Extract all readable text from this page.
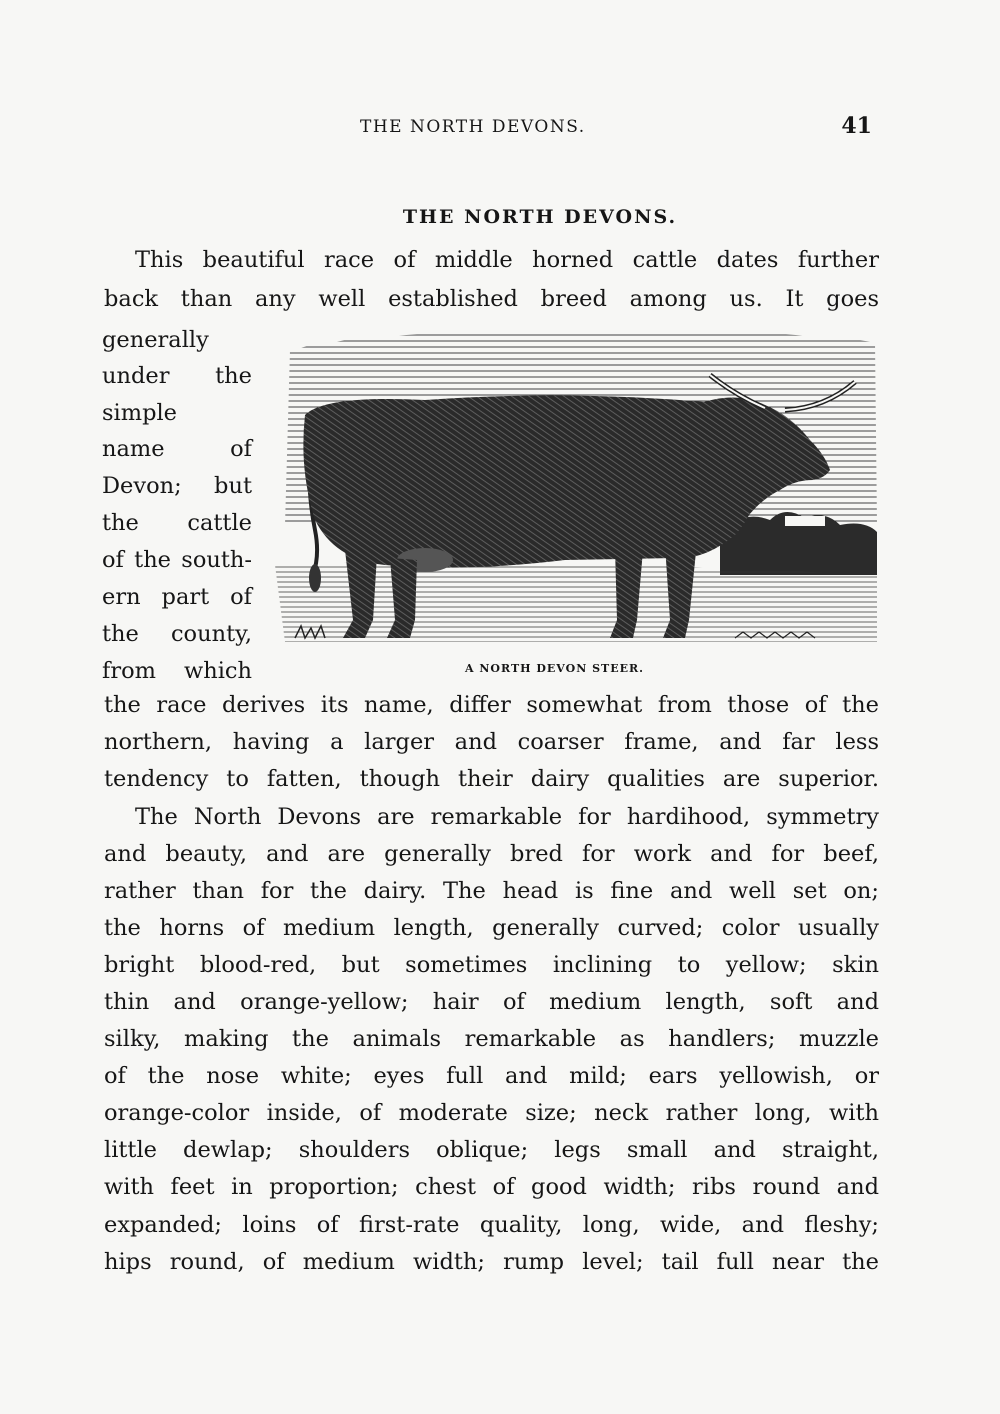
THE NORTH DEVONS.	41
THE NORTH DEVONS.
This beautiful race of middle horned cattle dates further
back than any well established breed among us. It goes
generally
under the
simple
name of
Devon; but
the cattle
of the south-
ern part of
the county,
from which	A NORTH DEVON STEER.
the race derives its name, differ somewhat from those of the
northern, having a larger and coarser frame, and far less
tendency to fatten, though their dairy qualities are superior.
The North Devons are remarkable for hardihood, symmetry
and beauty, and are generally bred for work and for beef,
rather than for the dairy. The head is fine and well set on;
the horns of medium length, generally curved; color usually
bright blood-red, but sometimes inclining to yellow; skin
thin and orange-yellow; hair of medium length, soft and
silky, making the animals remarkable as handlers; muzzle
of the nose white; eyes full and mild; ears yellowish, or
orange-color inside, of moderate size; neck rather long, with
little dewlap; shoulders oblique; legs small and straight,
with feet in proportion; chest of good width; ribs round and
expanded; loins of first-rate quality, long, wide, and fleshy;
hips round, of medium width; rump level; tail full near the
